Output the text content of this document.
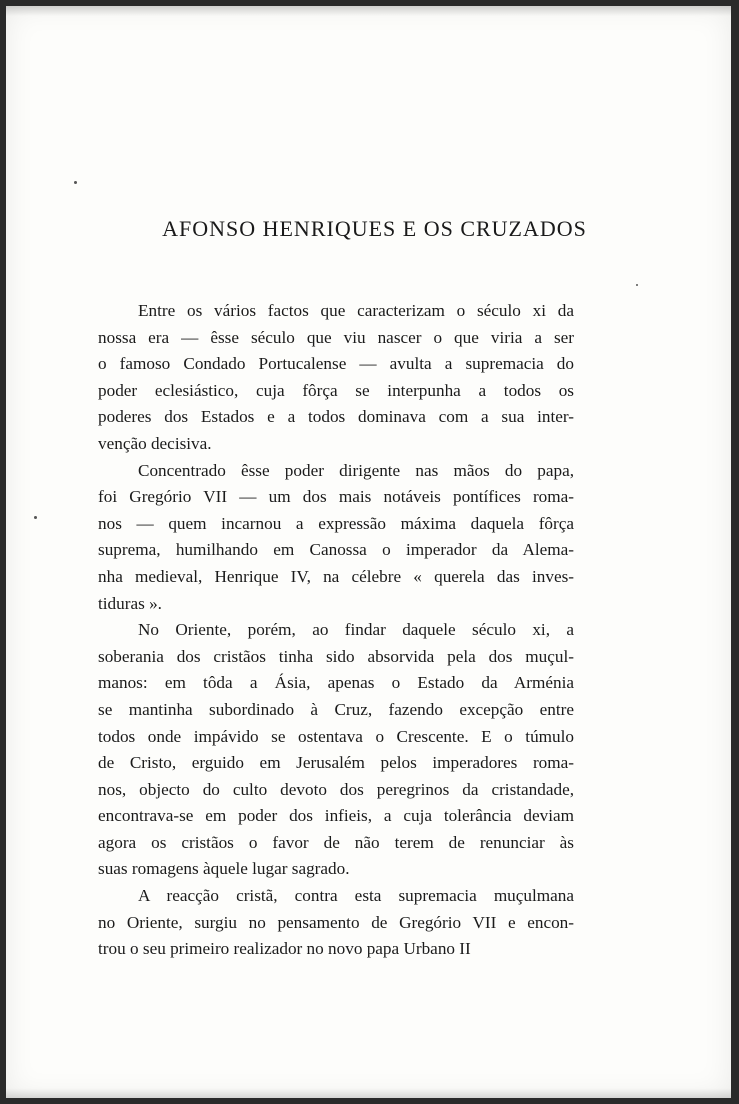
AFONSO HENRIQUES E OS CRUZADOS
Entre os vários factos que caracterizam o século xi da
nossa era — êsse século que viu nascer o que viria a ser
o famoso Condado Portucalense — avulta a supremacia do
poder eclesiástico, cuja fôrça se interpunha a todos os
poderes dos Estados e a todos dominava com a sua inter-
venção decisiva.
Concentrado êsse poder dirigente nas mãos do papa,
foi Gregório VII — um dos mais notáveis pontífices roma-
nos — quem incarnou a expressão máxima daquela fôrça
suprema, humilhando em Canossa o imperador da Alema-
nha medieval, Henrique IV, na célebre « querela das inves-
tiduras ».
No Oriente, porém, ao findar daquele século xi, a
soberania dos cristãos tinha sido absorvida pela dos muçul-
manos: em tôda a Ásia, apenas o Estado da Arménia
se mantinha subordinado à Cruz, fazendo excepção entre
todos onde impávido se ostentava o Crescente. E o túmulo
de Cristo, erguido em Jerusalém pelos imperadores roma-
nos, objecto do culto devoto dos peregrinos da cristandade,
encontrava-se em poder dos infieis, a cuja tolerância deviam
agora os cristãos o favor de não terem de renunciar às
suas romagens àquele lugar sagrado.
A reacção cristã, contra esta supremacia muçulmana
no Oriente, surgiu no pensamento de Gregório VII e encon-
trou o seu primeiro realizador no novo papa Urbano II
